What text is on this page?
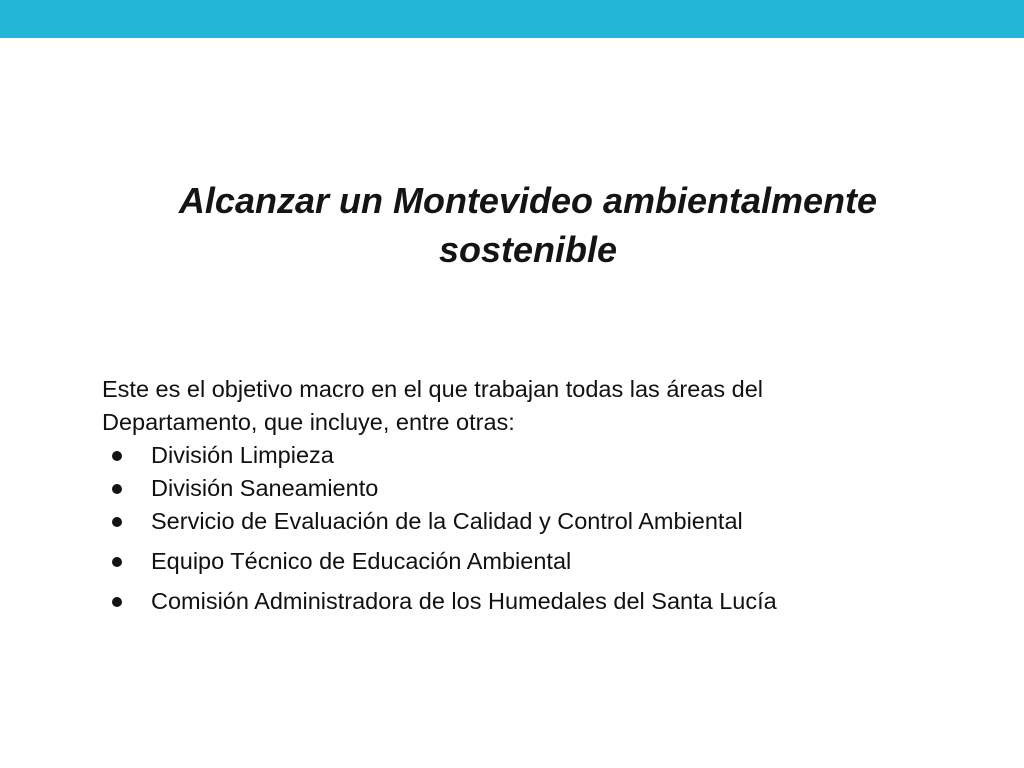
Alcanzar un Montevideo ambientalmente
sostenible

Este es el objetivo macro en el que trabajan todas las áreas del
Departamento, que incluye, entre otras:

División Limpieza
División Saneamiento
Servicio de Evaluación de la Calidad y Control Ambiental
Equipo Técnico de Educación Ambiental
Comisión Administradora de los Humedales del Santa Lucía
